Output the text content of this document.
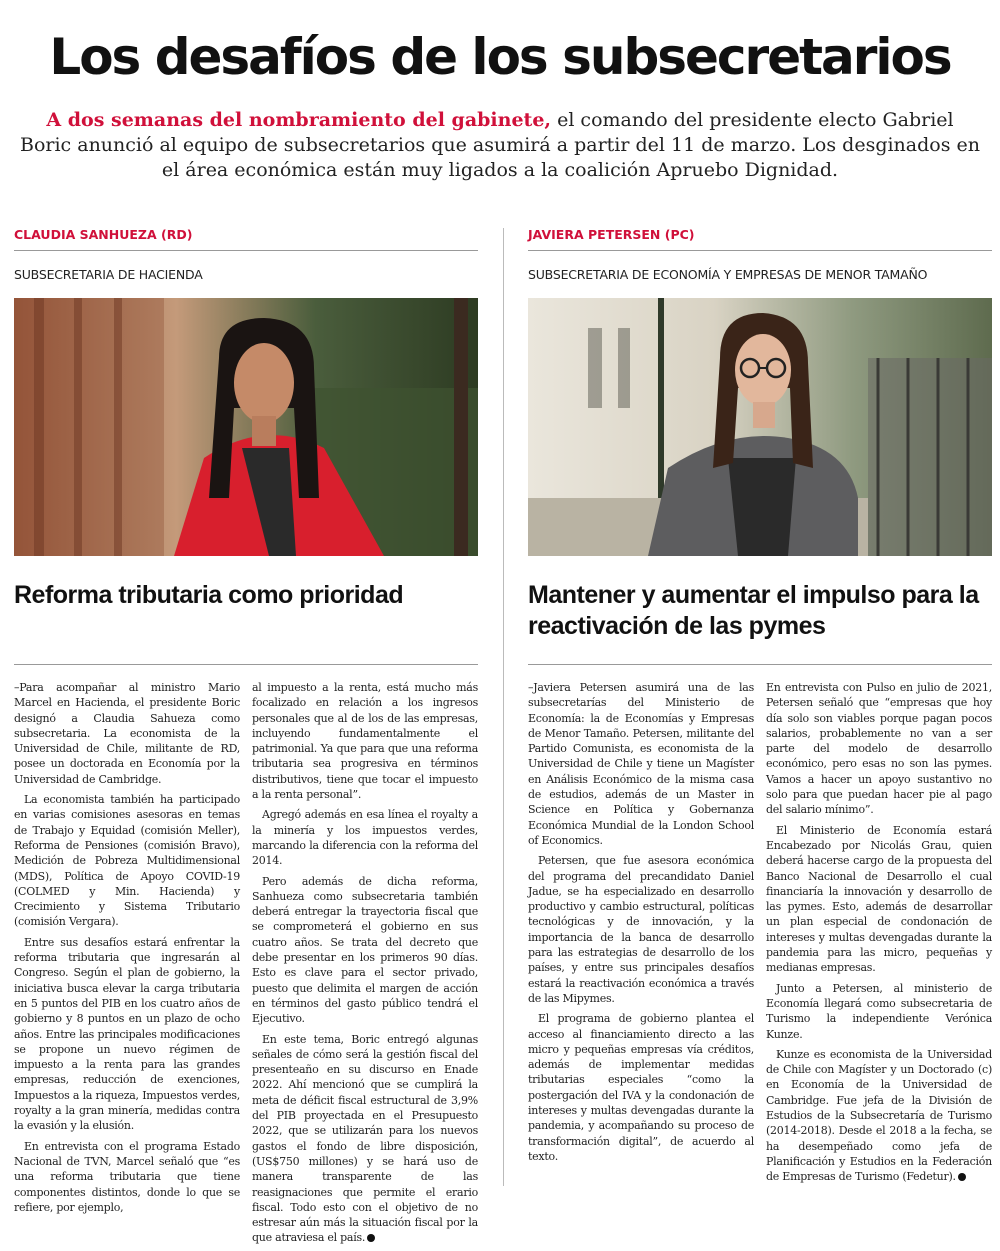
Los desafíos de los subsecretarios

A dos semanas del nombramiento del gabinete, el comando del presidente electo Gabriel Boric anunció al equipo de subsecretarios que asumirá a partir del 11 de marzo. Los desginados en el área económica están muy ligados a la coalición Apruebo Dignidad.

CLAUDIA SANHUEZA (RD)
SUBSECRETARIA DE HACIENDA
Reforma tributaria como prioridad

–Para acompañar al ministro Mario Marcel en Hacienda, el presidente Boric designó a Claudia Sahueza como subsecretaria. La economista de la Universidad de Chile, militante de RD, posee un doctorada en Economía por la Universidad de Cambridge.

La economista también ha participado en varias comisiones asesoras en temas de Trabajo y Equidad (comisión Meller), Reforma de Pensiones (comisión Bravo), Medición de Pobreza Multidimensional (MDS), Política de Apoyo COVID-19 (COLMED y Min. Hacienda) y Crecimiento y Sistema Tributario (comisión Vergara).

Entre sus desafíos estará enfrentar la reforma tributaria que ingresarán al Congreso. Según el plan de gobierno, la iniciativa busca elevar la carga tributaria en 5 puntos del PIB en los cuatro años de gobierno y 8 puntos en un plazo de ocho años. Entre las principales modificaciones se propone un nuevo régimen de impuesto a la renta para las grandes empresas, reducción de exenciones, Impuestos a la riqueza, Impuestos verdes, royalty a la gran minería, medidas contra la evasión y la elusión.

En entrevista con el programa Estado Nacional de TVN, Marcel señaló que “es una reforma tributaria que tiene componentes distintos, donde lo que se refiere, por ejemplo,

al impuesto a la renta, está mucho más focalizado en relación a los ingresos personales que al de los de las empresas, incluyendo fundamentalmente el patrimonial. Ya que para que una reforma tributaria sea progresiva en términos distributivos, tiene que tocar el impuesto a la renta personal”.

Agregó además en esa línea el royalty a la minería y los impuestos verdes, marcando la diferencia con la reforma del 2014.

Pero además de dicha reforma, Sanhueza como subsecretaria también deberá entregar la trayectoria fiscal que se comprometerá el gobierno en sus cuatro años. Se trata del decreto que debe presentar en los primeros 90 días. Esto es clave para el sector privado, puesto que delimita el margen de acción en términos del gasto público tendrá el Ejecutivo.

En este tema, Boric entregó algunas señales de cómo será la gestión fiscal del presenteaño en su discurso en Enade 2022. Ahí mencionó que se cumplirá la meta de déficit fiscal estructural de 3,9% del PIB proyectada en el Presupuesto 2022, que se utilizarán para los nuevos gastos el fondo de libre disposición, (US$750 millones) y se hará uso de manera transparente de las reasignaciones que permite el erario fiscal. Todo esto con el objetivo de no estresar aún más la situación fiscal por la que atraviesa el país.

JAVIERA PETERSEN (PC)
SUBSECRETARIA DE ECONOMÍA Y EMPRESAS DE MENOR TAMAÑO
Mantener y aumentar el impulso para la reactivación de las pymes

–Javiera Petersen asumirá una de las subsecretarías del Ministerio de Economía: la de Economías y Empresas de Menor Tamaño. Petersen, militante del Partido Comunista, es economista de la Universidad de Chile y tiene un Magíster en Análisis Económico de la misma casa de estudios, además de un Master in Science en Política y Gobernanza Económica Mundial de la London School of Economics.

Petersen, que fue asesora económica del programa del precandidato Daniel Jadue, se ha especializado en desarrollo productivo y cambio estructural, políticas tecnológicas y de innovación, y la importancia de la banca de desarrollo para las estrategias de desarrollo de los países, y entre sus principales desafíos estará la reactivación económica a través de las Mipymes.

El programa de gobierno plantea el acceso al financiamiento directo a las micro y pequeñas empresas vía créditos, además de implementar medidas tributarias especiales “como la postergación del IVA y la condonación de intereses y multas devengadas durante la pandemia, y acompañando su proceso de transformación digital”, de acuerdo al texto.

En entrevista con Pulso en julio de 2021, Petersen señaló que “empresas que hoy día solo son viables porque pagan pocos salarios, probablemente no van a ser parte del modelo de desarrollo económico, pero esas no son las pymes. Vamos a hacer un apoyo sustantivo no solo para que puedan hacer pie al pago del salario mínimo”.

El Ministerio de Economía estará Encabezado por Nicolás Grau, quien deberá hacerse cargo de la propuesta del Banco Nacional de Desarrollo el cual financiaría la innovación y desarrollo de las pymes. Esto, además de desarrollar un plan especial de condonación de intereses y multas devengadas durante la pandemia para las micro, pequeñas y medianas empresas.

Junto a Petersen, al ministerio de Economía llegará como subsecretaria de Turismo la independiente Verónica Kunze.

Kunze es economista de la Universidad de Chile con Magíster y un Doctorado (c) en Economía de la Universidad de Cambridge. Fue jefa de la División de Estudios de la Subsecretaría de Turismo (2014-2018). Desde el 2018 a la fecha, se ha desempeñado como jefa de Planificación y Estudios en la Federación de Empresas de Turismo (Fedetur).
